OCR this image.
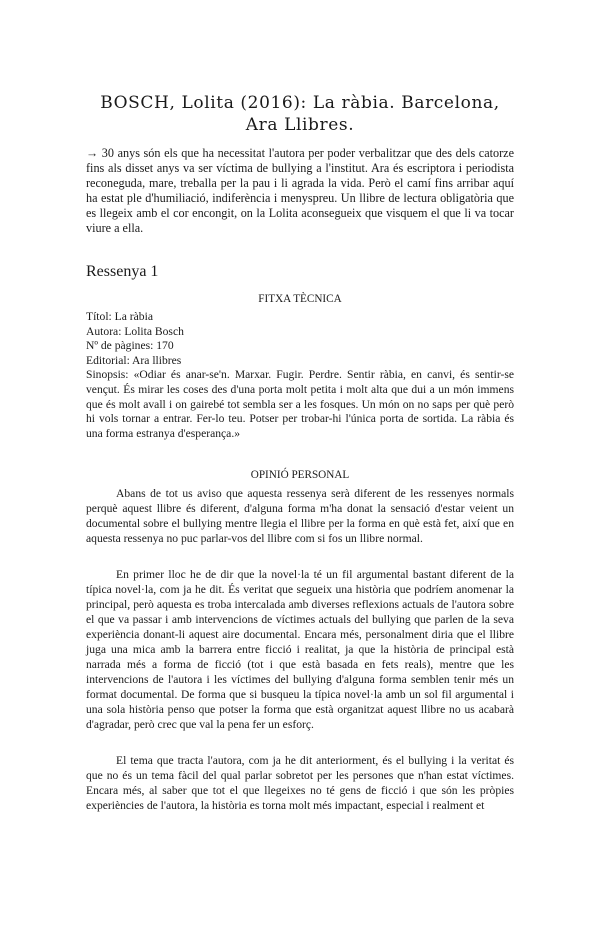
BOSCH, Lolita (2016): La ràbia. Barcelona, Ara Llibres.

→ 30 anys són els que ha necessitat l'autora per poder verbalitzar que des dels catorze fins als disset anys va ser víctima de bullying a l'institut. Ara és escriptora i periodista reconeguda, mare, treballa per la pau i li agrada la vida. Però el camí fins arribar aquí ha estat ple d'humiliació, indiferència i menyspreu. Un llibre de lectura obligatòria que es llegeix amb el cor encongit, on la Lolita aconsegueix que visquem el que li va tocar viure a ella.

Ressenya 1
FITXA TÈCNICA

Títol: La ràbia

Autora: Lolita Bosch

Nº de pàgines: 170

Editorial: Ara llibres

Sinopsis: «Odiar és anar-se'n. Marxar. Fugir. Perdre. Sentir ràbia, en canvi, és sentir-se vençut. És mirar les coses des d'una porta molt petita i molt alta que dui a un món immens que és molt avall i on gairebé tot sembla ser a les fosques. Un món on no saps per què però hi vols tornar a entrar. Fer-lo teu. Potser per trobar-hi l'única porta de sortida. La ràbia és una forma estranya d'esperança.»

OPINIÓ PERSONAL

Abans de tot us aviso que aquesta ressenya serà diferent de les ressenyes normals perquè aquest llibre és diferent, d'alguna forma m'ha donat la sensació d'estar veient un documental sobre el bullying mentre llegia el llibre per la forma en què està fet, així que en aquesta ressenya no puc parlar-vos del llibre com si fos un llibre normal.

En primer lloc he de dir que la novel·la té un fil argumental bastant diferent de la típica novel·la, com ja he dit. És veritat que segueix una història que podríem anomenar la principal, però aquesta es troba intercalada amb diverses reflexions actuals de l'autora sobre el que va passar i amb intervencions de víctimes actuals del bullying que parlen de la seva experiència donant-li aquest aire documental. Encara més, personalment diria que el llibre juga una mica amb la barrera entre ficció i realitat, ja que la història de principal està narrada més a forma de ficció (tot i que està basada en fets reals), mentre que les intervencions de l'autora i les víctimes del bullying d'alguna forma semblen tenir més un format documental. De forma que si busqueu la típica novel·la amb un sol fil argumental i una sola història penso que potser la forma que està organitzat aquest llibre no us acabarà d'agradar, però crec que val la pena fer un esforç.

El tema que tracta l'autora, com ja he dit anteriorment, és el bullying i la veritat és que no és un tema fàcil del qual parlar sobretot per les persones que n'han estat víctimes. Encara més, al saber que tot el que llegeixes no té gens de ficció i que són les pròpies experiències de l'autora, la història es torna molt més impactant, especial i realment et
